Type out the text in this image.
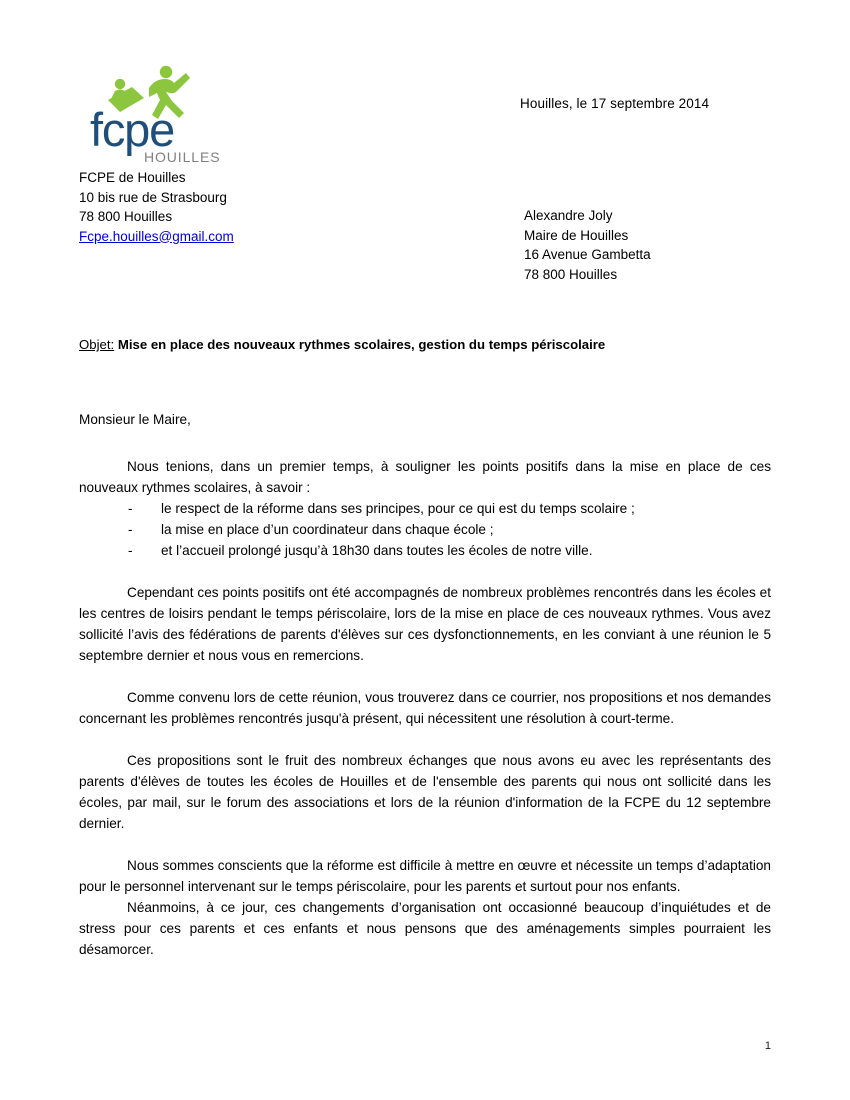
fcpe
HOUILLES
Houilles, le 17 septembre 2014
FCPE de Houilles
10 bis rue de Strasbourg
78 800 Houilles
Fcpe.houilles@gmail.com
Alexandre Joly
Maire de Houilles
16 Avenue Gambetta
78 800 Houilles
Objet: Mise en place des nouveaux rythmes scolaires, gestion du temps périscolaire

Monsieur le Maire,

Nous tenions, dans un premier temps, à souligner les points positifs dans la mise en place de ces nouveaux rythmes scolaires, à savoir :

- le respect de la réforme dans ses principes, pour ce qui est du temps scolaire ;
- la mise en place d’un coordinateur dans chaque école ;
- et l’accueil prolongé jusqu’à 18h30 dans toutes les écoles de notre ville.

Cependant ces points positifs ont été accompagnés de nombreux problèmes rencontrés dans les écoles et les centres de loisirs pendant le temps périscolaire, lors de la mise en place de ces nouveaux rythmes. Vous avez sollicité l’avis des fédérations de parents d'élèves sur ces dysfonctionnements, en les conviant à une réunion le 5 septembre dernier et nous vous en remercions.

Comme convenu lors de cette réunion, vous trouverez dans ce courrier, nos propositions et nos demandes concernant les problèmes rencontrés jusqu'à présent, qui nécessitent une résolution à court-terme.

Ces propositions sont le fruit des nombreux échanges que nous avons eu avec les représentants des parents d'élèves de toutes les écoles de Houilles et de l'ensemble des parents qui nous ont sollicité dans les écoles, par mail, sur le forum des associations et lors de la réunion d'information de la FCPE du 12 septembre dernier.

Nous sommes conscients que la réforme est difficile à mettre en œuvre et nécessite un temps d’adaptation pour le personnel intervenant sur le temps périscolaire, pour les parents et surtout pour nos enfants.

Néanmoins, à ce jour, ces changements d’organisation ont occasionné beaucoup d’inquiétudes et de stress pour ces parents et ces enfants et nous pensons que des aménagements simples pourraient les désamorcer.

1
